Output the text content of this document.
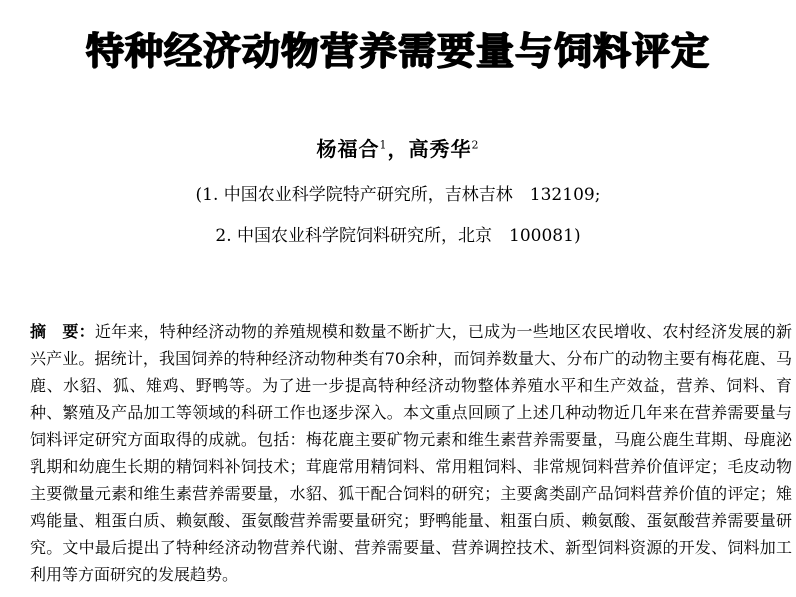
特种经济动物营养需要量与饲料评定
杨福合$^1$，高秀华$^2$
(1. 中国农业科学院特产研究所，吉林吉林　132109;
2. 中国农业科学院饲料研究所，北京　100081)

摘　要：近年来，特种经济动物的养殖规模和数量不断扩大，已成为一些地区农民增收、农村经济发展的新兴产业。据统计，我国饲养的特种经济动物种类有70余种，而饲养数量大、分布广的动物主要有梅花鹿、马鹿、水貂、狐、雉鸡、野鸭等。为了进一步提高特种经济动物整体养殖水平和生产效益，营养、饲料、育种、繁殖及产品加工等领域的科研工作也逐步深入。本文重点回顾了上述几种动物近几年来在营养需要量与饲料评定研究方面取得的成就。包括：梅花鹿主要矿物元素和维生素营养需要量，马鹿公鹿生茸期、母鹿泌乳期和幼鹿生长期的精饲料补饲技术；茸鹿常用精饲料、常用粗饲料、非常规饲料营养价值评定；毛皮动物主要微量元素和维生素营养需要量，水貂、狐干配合饲料的研究；主要禽类副产品饲料营养价值的评定；雉鸡能量、粗蛋白质、赖氨酸、蛋氨酸营养需要量研究；野鸭能量、粗蛋白质、赖氨酸、蛋氨酸营养需要量研究。文中最后提出了特种经济动物营养代谢、营养需要量、营养调控技术、新型饲料资源的开发、饲料加工利用等方面研究的发展趋势。
